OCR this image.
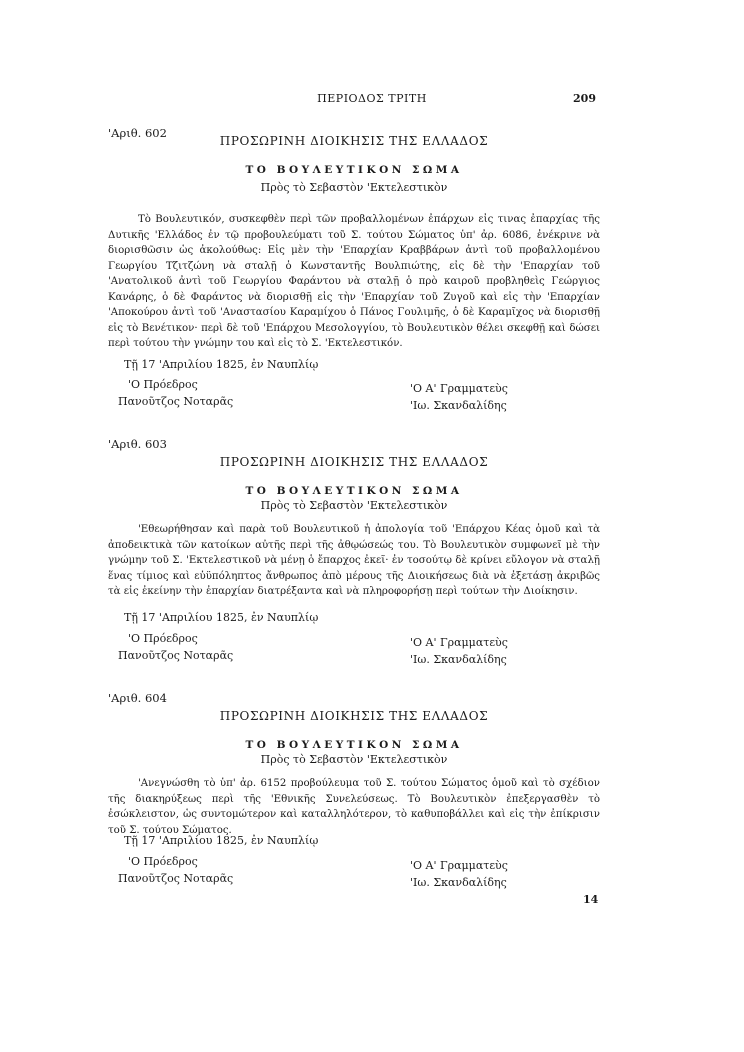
ΠΕΡΙΟΔΟΣ ΤΡΙΤΗ	209
'Αριθ. 602
ΠΡΟΣΩΡΙΝΗ ΔΙΟΙΚΗΣΙΣ ΤΗΣ ΕΛΛΑΔΟΣ
ΤΟ ΒΟΥΛΕΥΤΙΚΟΝ ΣΩΜΑ
Πρὸς τὸ Σεβαστὸν 'Εκτελεστικὸν
Τὸ Βουλευτικόν, συσκεφθὲν περὶ τῶν προβαλλομένων ἐπάρχων εἰς τινας ἐπαρχίας τῆς Δυτικῆς 'Ελλάδος ἐν τῷ προβουλεύματι τοῦ Σ. τούτου Σώματος ὑπ' ἀρ. 6086, ἐνέκρινε νὰ διορισθῶσιν ὡς ἀκολούθως: Εἰς μὲν τὴν 'Επαρχίαν Κραββάρων ἀντὶ τοῦ προβαλλομένου Γεωργίου Τζιτζώνη νὰ σταλῇ ὁ Κωνσταντῆς Βουλπιώτης, εἰς δὲ τὴν 'Επαρχίαν τοῦ 'Ανατολικοῦ ἀντὶ τοῦ Γεωργίου Φαράντου νὰ σταλῇ ὁ πρὸ καιροῦ προβληθεὶς Γεώργιος Κανάρης, ὁ δὲ Φαράντος νὰ διορισθῇ εἰς τὴν 'Επαρχίαν τοῦ Ζυγοῦ καὶ εἰς τὴν 'Επαρχίαν 'Αποκούρου ἀντὶ τοῦ 'Αναστασίου Καραμίχου ὁ Πάνος Γουλιμῆς, ὁ δὲ Καραμῖχος νὰ διορισθῇ εἰς τὸ Βενέτικον· περὶ δὲ τοῦ 'Επάρχου Μεσολογγίου, τὸ Βουλευτικὸν θέλει σκεφθῇ καὶ δώσει περὶ τούτου τὴν γνώμην του καὶ εἰς τὸ Σ. 'Εκτελεστικόν.
Τῇ 17 'Απριλίου 1825, ἐν Ναυπλίῳ
'Ο Πρόεδρος
Πανοῦτζος Νοταρᾶς
'Ο Α' Γραμματεὺς
'Ιω. Σκανδαλίδης
'Αριθ. 603
ΠΡΟΣΩΡΙΝΗ ΔΙΟΙΚΗΣΙΣ ΤΗΣ ΕΛΛΑΔΟΣ
ΤΟ ΒΟΥΛΕΥΤΙΚΟΝ ΣΩΜΑ
Πρὸς τὸ Σεβαστὸν 'Εκτελεστικὸν
'Εθεωρήθησαν καὶ παρὰ τοῦ Βουλευτικοῦ ἡ ἀπολογία τοῦ 'Επάρχου Κέας ὁμοῦ καὶ τὰ ἀποδεικτικὰ τῶν κατοίκων αὐτῆς περὶ τῆς ἀθῳώσεώς του. Τὸ Βουλευτικὸν συμφωνεῖ μὲ τὴν γνώμην τοῦ Σ. 'Εκτελεστικοῦ νὰ μένῃ ὁ ἔπαρχος ἐκεῖ· ἐν τοσούτῳ δὲ κρίνει εὔλογον νὰ σταλῇ ἕνας τίμιος καὶ εὐϋπόληπτος ἄνθρωπος ἀπὸ μέρους τῆς Διοικήσεως διὰ νὰ ἐξετάσῃ ἀκριβῶς τὰ εἰς ἐκείνην τὴν ἐπαρχίαν διατρέξαντα καὶ νὰ πληροφορήσῃ περὶ τούτων τὴν Διοίκησιν.
Τῇ 17 'Απριλίου 1825, ἐν Ναυπλίῳ
'Ο Πρόεδρος
Πανοῦτζος Νοταρᾶς
'Ο Α' Γραμματεὺς
'Ιω. Σκανδαλίδης
'Αριθ. 604
ΠΡΟΣΩΡΙΝΗ ΔΙΟΙΚΗΣΙΣ ΤΗΣ ΕΛΛΑΔΟΣ
ΤΟ ΒΟΥΛΕΥΤΙΚΟΝ ΣΩΜΑ
Πρὸς τὸ Σεβαστὸν 'Εκτελεστικὸν
'Ανεγνώσθη τὸ ὑπ' ἀρ. 6152 προβούλευμα τοῦ Σ. τούτου Σώματος ὁμοῦ καὶ τὸ σχέδιον τῆς διακηρύξεως περὶ τῆς 'Εθνικῆς Συνελεύσεως. Τὸ Βουλευτικὸν ἐπεξεργασθὲν τὸ ἐσώκλειστον, ὡς συντομώτερον καὶ καταλληλότερον, τὸ καθυποβάλλει καὶ εἰς τὴν ἐπίκρισιν τοῦ Σ. τούτου Σώματος.
Τῇ 17 'Απριλίου 1825, ἐν Ναυπλίῳ
'Ο Πρόεδρος
Πανοῦτζος Νοταρᾶς
'Ο Α' Γραμματεὺς
'Ιω. Σκανδαλίδης
14
